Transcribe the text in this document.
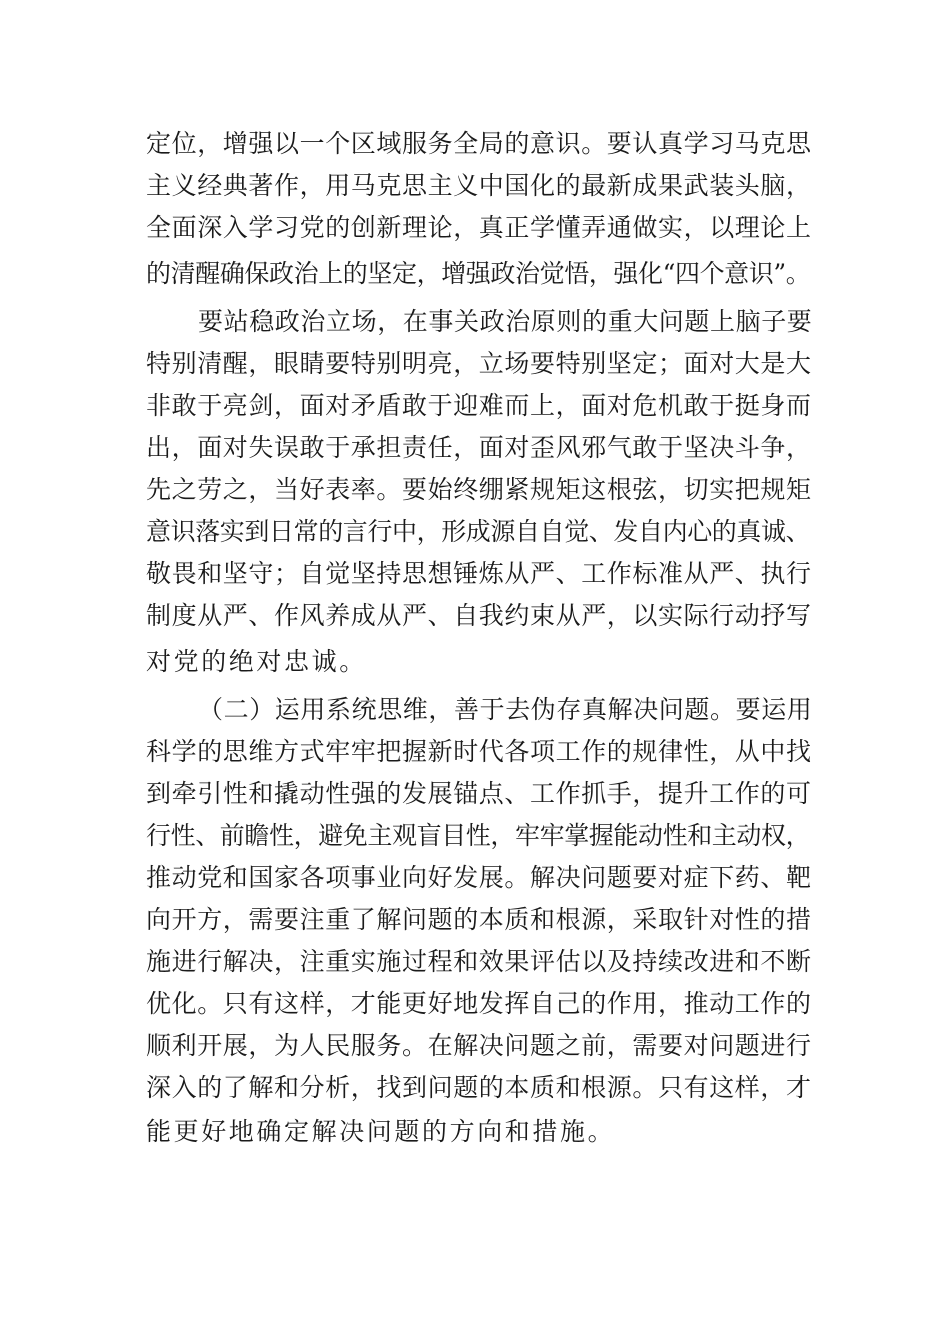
定位，增强以一个区域服务全局的意识。要认真学习马克思
主义经典著作，用马克思主义中国化的最新成果武装头脑，
全面深入学习党的创新理论，真正学懂弄通做实，以理论上
的清醒确保政治上的坚定，增强政治觉悟，强化“四个意识”。
要站稳政治立场，在事关政治原则的重大问题上脑子要
特别清醒，眼睛要特别明亮，立场要特别坚定；面对大是大
非敢于亮剑，面对矛盾敢于迎难而上，面对危机敢于挺身而
出，面对失误敢于承担责任，面对歪风邪气敢于坚决斗争，
先之劳之，当好表率。要始终绷紧规矩这根弦，切实把规矩
意识落实到日常的言行中，形成源自自觉、发自内心的真诚、
敬畏和坚守；自觉坚持思想锤炼从严、工作标准从严、执行
制度从严、作风养成从严、自我约束从严，以实际行动抒写
对党的绝对忠诚。
（二）运用系统思维，善于去伪存真解决问题。要运用
科学的思维方式牢牢把握新时代各项工作的规律性，从中找
到牵引性和撬动性强的发展锚点、工作抓手，提升工作的可
行性、前瞻性，避免主观盲目性，牢牢掌握能动性和主动权，
推动党和国家各项事业向好发展。解决问题要对症下药、靶
向开方，需要注重了解问题的本质和根源，采取针对性的措
施进行解决，注重实施过程和效果评估以及持续改进和不断
优化。只有这样，才能更好地发挥自己的作用，推动工作的
顺利开展，为人民服务。在解决问题之前，需要对问题进行
深入的了解和分析，找到问题的本质和根源。只有这样，才
能更好地确定解决问题的方向和措施。
